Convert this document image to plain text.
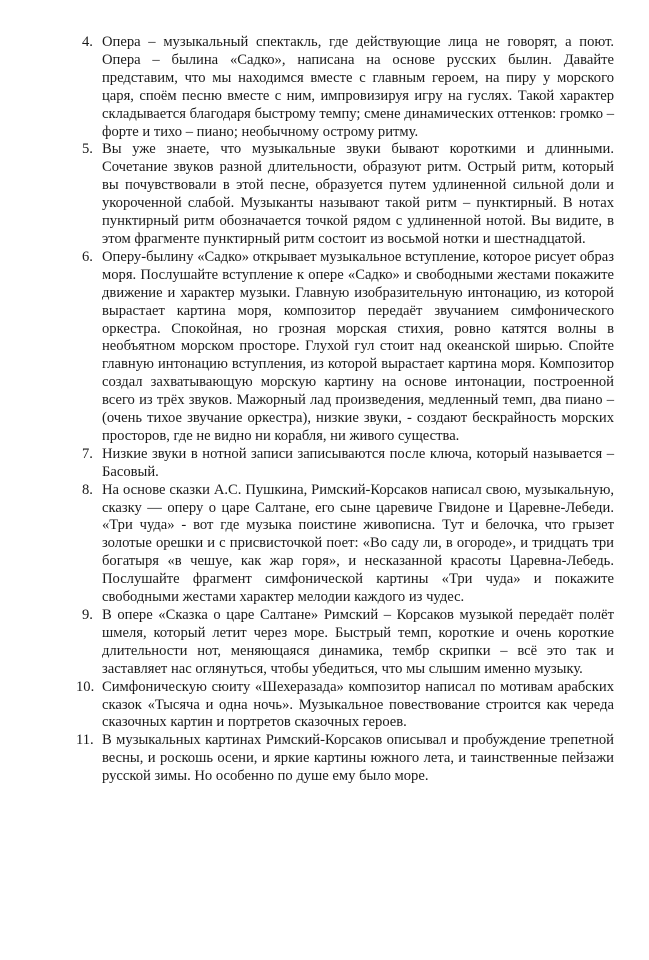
4. Опера – музыкальный спектакль, где действующие лица не говорят, а поют. Опера – былина «Садко», написана на основе русских былин. Давайте представим, что мы находимся вместе с главным героем, на пиру у морского царя, споём песню вместе с ним, импровизируя игру на гуслях. Такой характер складывается благодаря быстрому темпу; смене динамических оттенков: громко – форте и тихо – пиано; необычному острому ритму.
5. Вы уже знаете, что музыкальные звуки бывают короткими и длинными. Сочетание звуков разной длительности, образуют ритм. Острый ритм, который вы почувствовали в этой песне, образуется путем удлиненной сильной доли и укороченной слабой. Музыканты называют такой ритм – пунктирный. В нотах пунктирный ритм обозначается точкой рядом с удлиненной нотой. Вы видите, в этом фрагменте пунктирный ритм состоит из восьмой нотки и шестнадцатой.
6. Оперу-былину «Садко» открывает музыкальное вступление, которое рисует образ моря. Послушайте вступление к опере «Садко» и свободными жестами покажите движение и характер музыки. Главную изобразительную интонацию, из которой вырастает картина моря, композитор передаёт звучанием симфонического оркестра. Спокойная, но грозная морская стихия, ровно катятся волны в необъятном морском просторе. Глухой гул стоит над океанской ширью. Спойте главную интонацию вступления, из которой вырастает картина моря. Композитор создал захватывающую морскую картину на основе интонации, построенной всего из трёх звуков. Мажорный лад произведения, медленный темп, два пиано – (очень тихое звучание оркестра), низкие звуки, - создают бескрайность морских просторов, где не видно ни корабля, ни живого существа.
7. Низкие звуки в нотной записи записываются после ключа, который называется – Басовый.
8. На основе сказки А.С. Пушкина, Римский-Корсаков написал свою, музыкальную, сказку — оперу о царе Салтане, его сыне царевиче Гвидоне и Царевне-Лебеди. «Три чуда» - вот где музыка поистине живописна. Тут и белочка, что грызет золотые орешки и с присвисточкой поет: «Во саду ли, в огороде», и тридцать три богатыря «в чешуе, как жар горя», и несказанной красоты Царевна-Лебедь. Послушайте фрагмент симфонической картины «Три чуда» и покажите свободными жестами характер мелодии каждого из чудес.
9. В опере «Сказка о царе Салтане» Римский – Корсаков музыкой передаёт полёт шмеля, который летит через море. Быстрый темп, короткие и очень короткие длительности нот, меняющаяся динамика, тембр скрипки – всё это так и заставляет нас оглянуться, чтобы убедиться, что мы слышим именно музыку.
10. Симфоническую сюиту «Шехеразада» композитор написал по мотивам арабских сказок «Тысяча и одна ночь». Музыкальное повествование строится как череда сказочных картин и портретов сказочных героев.
11. В музыкальных картинах Римский-Корсаков описывал и пробуждение трепетной весны, и роскошь осени, и яркие картины южного лета, и таинственные пейзажи русской зимы. Но особенно по душе ему было море.
